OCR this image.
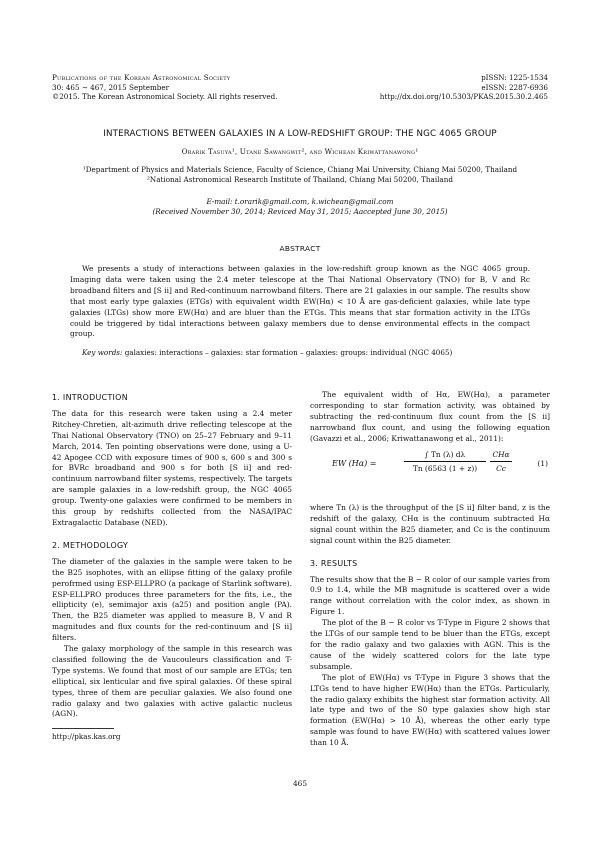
Publications of the Korean Astronomical Society
30: 465 ∼ 467, 2015 September
©2015. The Korean Astronomical Society. All rights reserved.
pISSN: 1225-1534
eISSN: 2287-6936
http://dx.doi.org/10.5303/PKAS.2015.30.2.465
INTERACTIONS BETWEEN GALAXIES IN A LOW-REDSHIFT GROUP: THE NGC 4065 GROUP
Orarik Tasuya¹, Utane Sawangwit², and Wichean Kriwattanawong¹
¹Department of Physics and Materials Science, Faculty of Science, Chiang Mai University, Chiang Mai 50200, Thailand
²National Astronomical Research Institute of Thailand, Chiang Mai 50200, Thailand
E-mail: t.orarik@gmail.com, k.wichean@gmail.com
(Received November 30, 2014; Reviced May 31, 2015; Aaccepted June 30, 2015)
ABSTRACT
We presents a study of interactions between galaxies in the low-redshift group known as the NGC 4065 group. Imaging data were taken using the 2.4 meter telescope at the Thai National Observatory (TNO) for B, V and Rc broadband filters and [S ii] and Red-continuum narrowband filters. There are 21 galaxies in our sample. The results show that most early type galaxies (ETGs) with equivalent width EW(Hα) < 10 Å are gas-deficient galaxies, while late type galaxies (LTGs) show more EW(Hα) and are bluer than the ETGs. This means that star formation activity in the LTGs could be triggered by tidal interactions between galaxy members due to dense environmental effects in the compact group.
Key words: galaxies: interactions – galaxies: star formation – galaxies: groups: individual (NGC 4065)
1. INTRODUCTION

The data for this research were taken using a 2.4 meter Ritchey-Chretien, alt-azimuth drive reflecting telescope at the Thai National Observatory (TNO) on 25–27 February and 9–11 March, 2014. Ten pointing observations were done, using a U-42 Apogee CCD with exposure times of 900 s, 600 s and 300 s for BVRc broadband and 900 s for both [S ii] and red-continuum narrowband filter systems, respectively. The targets are sample galaxies in a low-redshift group, the NGC 4065 group. Twenty-one galaxies were confirmed to be members in this group by redshifts collected from the NASA/IPAC Extragalactic Database (NED).

2. METHODOLOGY

The diameter of the galaxies in the sample were taken to be the B25 isophotes, with an ellipse fitting of the galaxy profile perofrmed using ESP-ELLPRO (a package of Starlink software). ESP-ELLPRO produces three parameters for the fits, i.e., the ellipticity (e), semimajor axis (a25) and position angle (PA). Then, the B25 diameter was applied to measure B, V and R magnitudes and flux counts for the red-continuum and [S ii] filters.

The galaxy morphology of the sample in this research was classified following the de Vaucouleurs classification and T-Type systems. We found that most of our sample are ETGs; ten elliptical, six lenticular and five spiral galaxies. Of these spiral types, three of them are peculiar galaxies. We also found one radio galaxy and two galaxies with active galactic nucleus (AGN).

The equivalent width of Hα, EW(Hα), a parameter corresponding to star formation activity, was obtained by subtracting the red-continuum flux count from the [S ii] narrowband flux count, and using the following equation (Gavazzi et al., 2006; Kriwattanawong et al., 2011):

EW (Hα) =	$\frac{\int Tn (\lambda) d\lambda}{Tn (6563 (1 + z))}$ CHα
Cc
(1)

where Tn (λ) is the throughput of the [S ii] filter band, z is the redshift of the galaxy, CHα is the continuum subtracted Hα signal count within the B25 diameter, and Cc is the continuum signal count within the B25 diameter.

3. RESULTS

The results show that the B − R color of our sample varies from 0.9 to 1.4, while the MB magnitude is scattered over a wide range without correlation with the color index, as shown in Figure 1.

The plot of the B − R color vs T-Type in Figure 2 shows that the LTGs of our sample tend to be bluer than the ETGs, except for the radio galaxy and two galaxies with AGN. This is the cause of the widely scattered colors for the late type subsample.

The plot of EW(Hα) vs T-Type in Figure 3 shows that the LTGs tend to have higher EW(Hα) than the ETGs. Particularly, the radio galaxy exhibits the highest star formation activity. All late type and two of the S0 type galaxies show high star formation (EW(Hα) > 10 Å), whereas the other early type sample was found to have EW(Hα) with scattered values lower than 10 Å.

http://pkas.kas.org
465
